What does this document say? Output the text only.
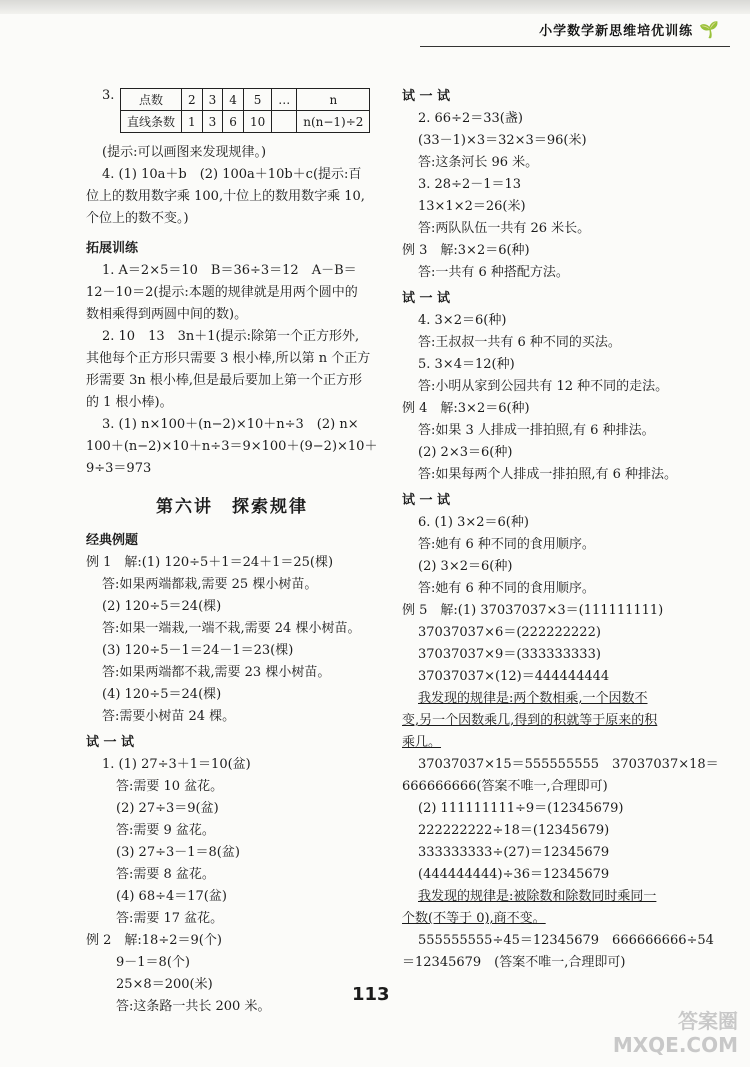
小学数学新思维培优训练 🌱
3. 点数	2	3	4	5	…	n
直线条数	1	3	6	10		n(n−1)÷2
(提示:可以画图来发现规律。)
4. (1) 10a＋b　(2) 100a＋10b＋c(提示:百
位上的数用数字乘 100,十位上的数用数字乘 10,
个位上的数不变。)
拓展训练
1. A＝2×5＝10　B＝36÷3＝12　A－B＝
12－10＝2(提示:本题的规律就是用两个圆中的
数相乘得到两圆中间的数)。
2. 10　13　3n＋1(提示:除第一个正方形外,
其他每个正方形只需要 3 根小棒,所以第 n 个正方
形需要 3n 根小棒,但是最后要加上第一个正方形
的 1 根小棒)。
3. (1) n×100＋(n−2)×10＋n÷3　(2) n×
100＋(n−2)×10＋n÷3＝9×100＋(9−2)×10＋
9÷3＝973
第六讲　探索规律
经典例题
例 1　解:(1) 120÷5＋1＝24＋1＝25(棵)
答:如果两端都栽,需要 25 棵小树苗。
(2) 120÷5＝24(棵)
答:如果一端栽,一端不栽,需要 24 棵小树苗。
(3) 120÷5－1＝24－1＝23(棵)
答:如果两端都不栽,需要 23 棵小树苗。
(4) 120÷5＝24(棵)
答:需要小树苗 24 棵。
试 一 试
1. (1) 27÷3＋1＝10(盆)
答:需要 10 盆花。
(2) 27÷3＝9(盆)
答:需要 9 盆花。
(3) 27÷3－1＝8(盆)
答:需要 8 盆花。
(4) 68÷4＝17(盆)
答:需要 17 盆花。
例 2　解:18÷2＝9(个)
9－1＝8(个)
25×8＝200(米)
答:这条路一共长 200 米。
试 一 试
2. 66÷2＝33(盏)
(33－1)×3＝32×3＝96(米)
答:这条河长 96 米。
3. 28÷2－1＝13
13×1×2＝26(米)
答:两队队伍一共有 26 米长。
例 3　解:3×2＝6(种)
答:一共有 6 种搭配方法。
试 一 试
4. 3×2＝6(种)
答:王叔叔一共有 6 种不同的买法。
5. 3×4＝12(种)
答:小明从家到公园共有 12 种不同的走法。
例 4　解:3×2＝6(种)
答:如果 3 人排成一排拍照,有 6 种排法。
(2) 2×3＝6(种)
答:如果每两个人排成一排拍照,有 6 种排法。
试 一 试
6. (1) 3×2＝6(种)
答:她有 6 种不同的食用顺序。
(2) 3×2＝6(种)
答:她有 6 种不同的食用顺序。
例 5　解:(1) 37037037×3＝(111111111)
37037037×6＝(222222222)
37037037×9＝(333333333)
37037037×(12)＝444444444
我发现的规律是:两个数相乘,一个因数不
变,另一个因数乘几,得到的积就等于原来的积
乘几。
37037037×15＝555555555　37037037×18＝
666666666(答案不唯一,合理即可)
(2) 111111111÷9＝(12345679)
222222222÷18＝(12345679)
333333333÷(27)＝12345679
(444444444)÷36＝12345679
我发现的规律是:被除数和除数同时乘同一
个数(不等于 0),商不变。
555555555÷45＝12345679　666666666÷54
＝12345679　(答案不唯一,合理即可)
113
答案圈
MXQE.COM
